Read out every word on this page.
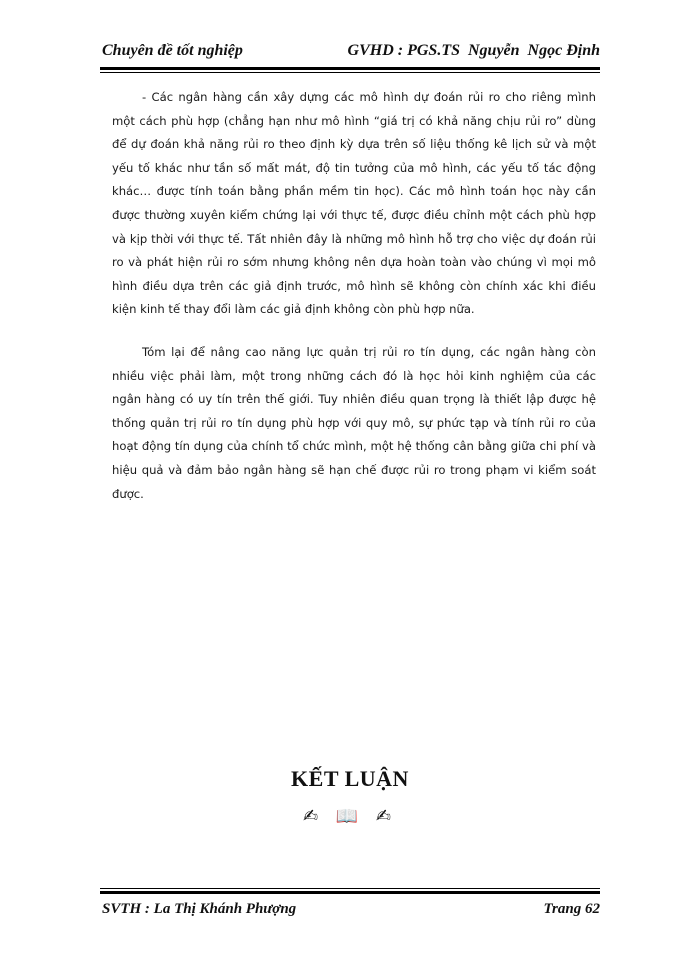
Chuyên đề tốt nghiệp	GVHD : PGS.TS  Nguyễn  Ngọc Định

- Các ngân hàng cần xây dựng các mô hình dự đoán rủi ro cho riêng mình một cách phù hợp (chẳng hạn như mô hình “giá trị có khả năng chịu rủi ro” dùng để dự đoán khả năng rủi ro theo định kỳ dựa trên số liệu thống kê lịch sử và một yếu tố khác như tần số mất mát, độ tin tưởng của mô hình, các yếu tố tác động khác… được tính toán bằng phần mềm tin học). Các mô hình toán học này cần được thường xuyên kiểm chứng lại với thực tế, được điều chỉnh một cách phù hợp và kịp thời với thực tế. Tất nhiên đây là những mô hình hỗ trợ cho việc dự đoán rủi ro và phát hiện rủi ro sớm nhưng không nên dựa hoàn toàn vào chúng vì mọi mô hình điều dựa trên các giả định trước, mô hình sẽ không còn chính xác khi điều kiện kinh tế thay đổi làm các giả định không còn phù hợp nữa.

Tóm lại để nâng cao năng lực quản trị rủi ro tín dụng, các ngân hàng còn nhiều việc phải làm, một trong những cách đó là học hỏi kinh nghiệm của các ngân hàng có uy tín trên thế giới. Tuy nhiên điều quan trọng là thiết lập được hệ thống quản trị rủi ro tín dụng phù hợp với quy mô, sự phức tạp và tính rủi ro của hoạt động tín dụng của chính tổ chức mình, một hệ thống cân bằng giữa chi phí và hiệu quả và đảm bảo ngân hàng sẽ hạn chế được rủi ro trong phạm vi kiểm soát được.

KẾT LUẬN
✍ 📖 ✍
SVTH : La Thị Khánh Phượng	Trang 62
